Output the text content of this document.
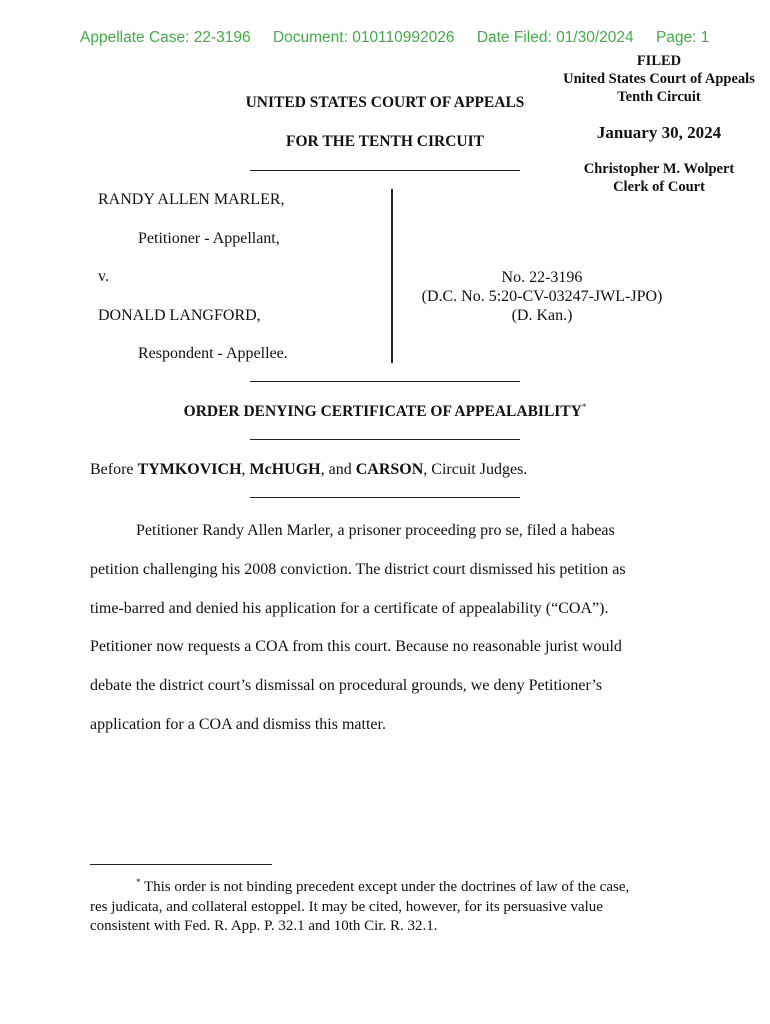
Appellate Case: 22-3196 Document: 010110992026 Date Filed: 01/30/2024 Page: 1
FILED
United States Court of Appeals
Tenth Circuit
January 30, 2024
Christopher M. Wolpert
Clerk of Court
UNITED STATES COURT OF APPEALS
FOR THE TENTH CIRCUIT
RANDY ALLEN MARLER,
Petitioner - Appellant,
v.
DONALD LANGFORD,
Respondent - Appellee.
No. 22-3196
(D.C. No. 5:20-CV-03247-JWL-JPO)
(D. Kan.)
ORDER DENYING CERTIFICATE OF APPEALABILITY*
Before TYMKOVICH, McHUGH, and CARSON, Circuit Judges.
Petitioner Randy Allen Marler, a prisoner proceeding pro se, filed a habeas
petition challenging his 2008 conviction. The district court dismissed his petition as
time-barred and denied his application for a certificate of appealability (“COA”).
Petitioner now requests a COA from this court. Because no reasonable jurist would
debate the district court’s dismissal on procedural grounds, we deny Petitioner’s
application for a COA and dismiss this matter.
* This order is not binding precedent except under the doctrines of law of the case,
res judicata, and collateral estoppel. It may be cited, however, for its persuasive value
consistent with Fed. R. App. P. 32.1 and 10th Cir. R. 32.1.
